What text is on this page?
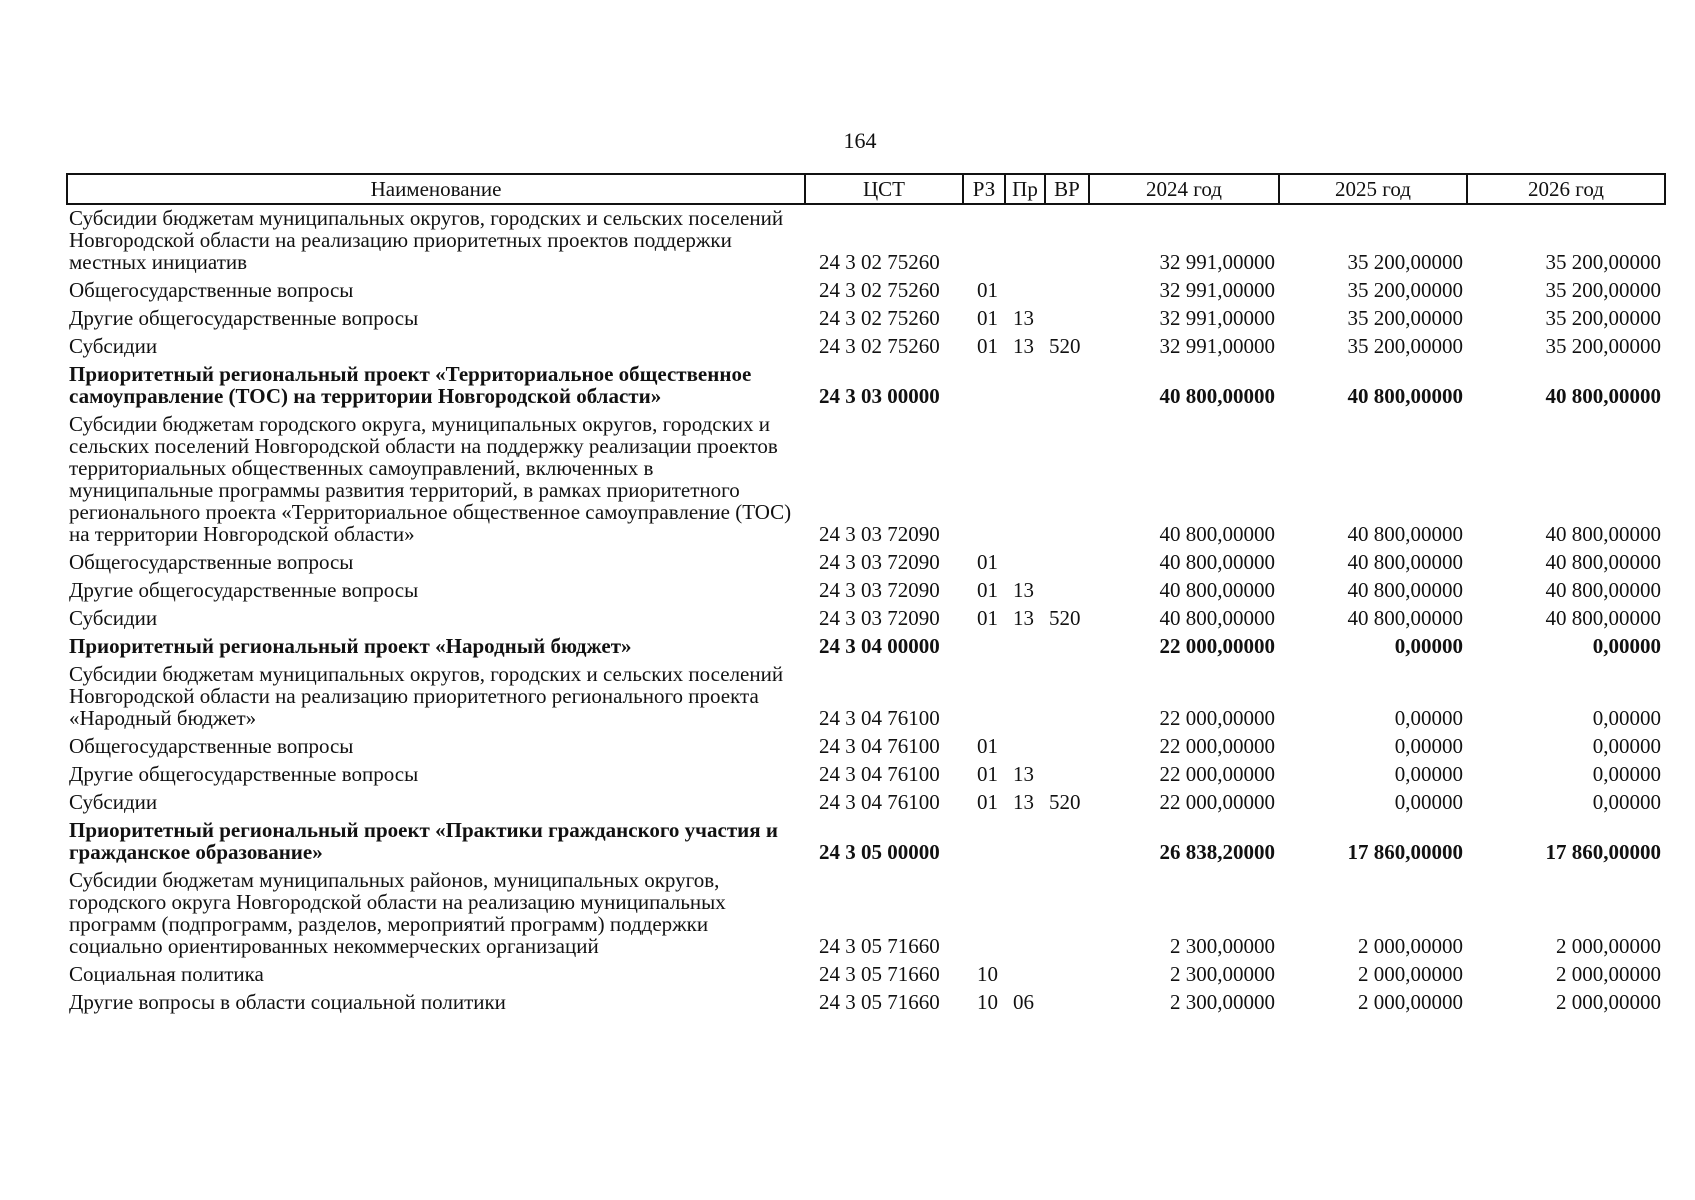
164
Наименование	ЦСТ	РЗ	Пр	ВР	2024 год	2025 год	2026 год
Субсидии бюджетам муниципальных округов, городских и сельских поселений Новгородской области на реализацию приоритетных проектов поддержки местных инициатив	24 3 02 75260				32 991,00000	35 200,00000	35 200,00000
Общегосударственные вопросы	24 3 02 75260	01			32 991,00000	35 200,00000	35 200,00000
Другие общегосударственные вопросы	24 3 02 75260	01	13		32 991,00000	35 200,00000	35 200,00000
Субсидии	24 3 02 75260	01	13	520	32 991,00000	35 200,00000	35 200,00000
Приоритетный региональный проект «Территориальное общественное самоуправление (ТОС) на территории Новгородской области»	24 3 03 00000				40 800,00000	40 800,00000	40 800,00000
Субсидии бюджетам городского округа, муниципальных округов, городских и сельских поселений Новгородской области на поддержку реализации проектов территориальных общественных самоуправлений, включенных в муниципальные программы развития территорий, в рамках приоритетного регионального проекта «Территориальное общественное самоуправление (ТОС) на территории Новгородской области»	24 3 03 72090				40 800,00000	40 800,00000	40 800,00000
Общегосударственные вопросы	24 3 03 72090	01			40 800,00000	40 800,00000	40 800,00000
Другие общегосударственные вопросы	24 3 03 72090	01	13		40 800,00000	40 800,00000	40 800,00000
Субсидии	24 3 03 72090	01	13	520	40 800,00000	40 800,00000	40 800,00000
Приоритетный региональный проект «Народный бюджет»	24 3 04 00000				22 000,00000	0,00000	0,00000
Субсидии бюджетам муниципальных округов, городских и сельских поселений Новгородской области на реализацию приоритетного регионального проекта «Народный бюджет»	24 3 04 76100				22 000,00000	0,00000	0,00000
Общегосударственные вопросы	24 3 04 76100	01			22 000,00000	0,00000	0,00000
Другие общегосударственные вопросы	24 3 04 76100	01	13		22 000,00000	0,00000	0,00000
Субсидии	24 3 04 76100	01	13	520	22 000,00000	0,00000	0,00000
Приоритетный региональный проект «Практики гражданского участия и гражданское образование»	24 3 05 00000				26 838,20000	17 860,00000	17 860,00000
Субсидии бюджетам муниципальных районов, муниципальных округов, городского округа Новгородской области на реализацию муниципальных программ (подпрограмм, разделов, мероприятий программ) поддержки социально ориентированных некоммерческих организаций	24 3 05 71660				2 300,00000	2 000,00000	2 000,00000
Социальная политика	24 3 05 71660	10			2 300,00000	2 000,00000	2 000,00000
Другие вопросы в области социальной политики	24 3 05 71660	10	06		2 300,00000	2 000,00000	2 000,00000
